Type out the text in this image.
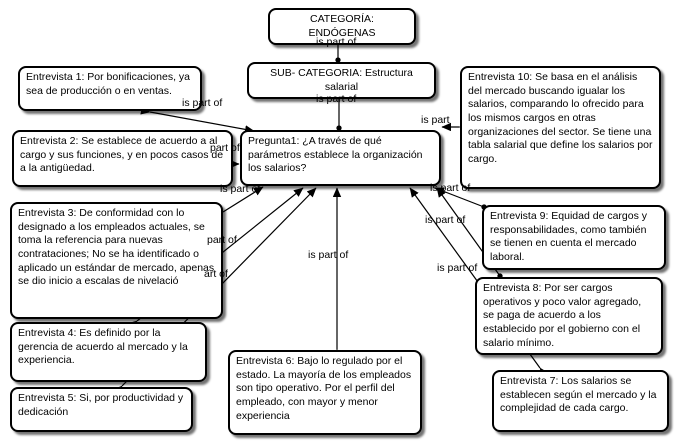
CATEGORÍA: ENDÓGENAS
SUB- CATEGORIA: Estructura salarial
Pregunta1: ¿A través de qué parámetros establece la organización los salarios?
Entrevista 1: Por bonificaciones, ya sea de producción o en ventas.
Entrevista 2: Se establece de acuerdo a al cargo y sus funciones, y en pocos casos de a la antigüedad.
Entrevista 3: De conformidad con lo designado a los empleados actuales, se toma la referencia para nuevas contrataciones; No se ha identificado o aplicado un estándar de mercado, apenas se dio inicio a escalas de nivelació
Entrevista 4: Es definido por la gerencia de acuerdo al mercado y la experiencia.
Entrevista 5: Si, por productividad y dedicación
Entrevista 6: Bajo lo regulado por el estado. La mayoría de los empleados son tipo operativo. Por el perfil del empleado, con mayor y menor experiencia
Entrevista 10: Se basa en el análisis del mercado buscando igualar los salarios, comparando lo ofrecido para los mismos cargos en otras organizaciones del sector. Se tiene una tabla salarial que define los salarios por cargo.
Entrevista 9: Equidad de cargos y responsabilidades, como también se tienen en cuenta el mercado laboral.
Entrevista 8: Por ser cargos operativos y poco valor agregado, se paga de acuerdo a los establecido por el gobierno con el salario mínimo.
Entrevista 7: Los salarios se establecen según el mercado y la complejidad de cada cargo.
is part of
is part of
is part of
part of
is part of
part of
art of
is part of
is part
is part of
is part of
is part of
